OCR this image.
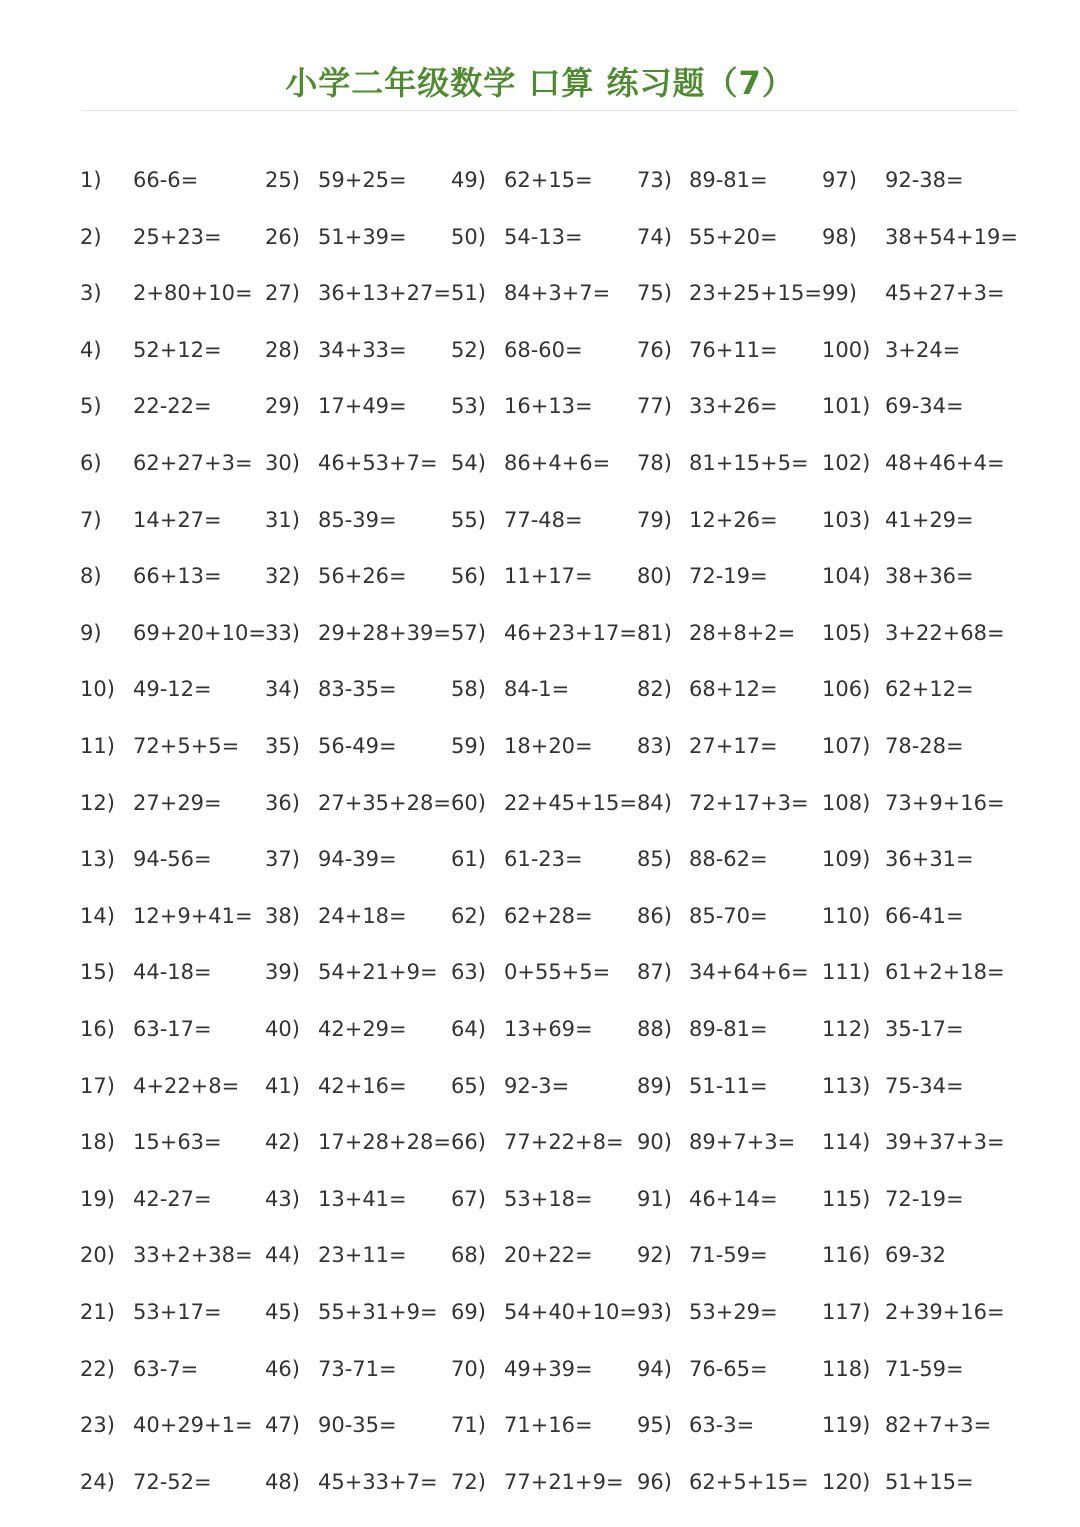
小学二年级数学 口算 练习题（7）
1) 66-6=	25) 59+25= 49) 62+15= 73) 89-81=	97) 92-38=
2) 25+23= 26) 51+39= 50) 54-13=	74) 55+20= 98) 38+54+19=
3) 2+80+10= 27) 36+13+27= 51) 84+3+7= 75) 23+25+15= 99) 45+27+3=
4) 52+12= 28) 34+33= 52) 68-60=	76) 76+11= 100) 3+24=
5) 22-22=	29) 17+49= 53) 16+13= 77) 33+26= 101) 69-34=
6) 62+27+3= 30) 46+53+7= 54) 86+4+6= 78) 81+15+5= 102) 48+46+4=
7) 14+27= 31) 85-39=	55) 77-48=	79) 12+26= 103) 41+29=
8) 66+13= 32) 56+26= 56) 11+17= 80) 72-19=	104) 38+36=
9) 69+20+10= 33) 29+28+39= 57) 46+23+17= 81) 28+8+2= 105) 3+22+68=
10) 49-12=	34) 83-35=	58) 84-1=	82) 68+12= 106) 62+12=
11) 72+5+5= 35) 56-49=	59) 18+20= 83) 27+17= 107) 78-28=
12) 27+29= 36) 27+35+28= 60) 22+45+15= 84) 72+17+3= 108) 73+9+16=
13) 94-56=	37) 94-39=	61) 61-23=	85) 88-62=	109) 36+31=
14) 12+9+41= 38) 24+18= 62) 62+28= 86) 85-70=	110) 66-41=
15) 44-18=	39) 54+21+9= 63) 0+55+5= 87) 34+64+6= 111) 61+2+18=
16) 63-17=	40) 42+29= 64) 13+69= 88) 89-81=	112) 35-17=
17) 4+22+8= 41) 42+16= 65) 92-3=	89) 51-11=	113) 75-34=
18) 15+63= 42) 17+28+28= 66) 77+22+8= 90) 89+7+3= 114) 39+37+3=
19) 42-27=	43) 13+41= 67) 53+18= 91) 46+14= 115) 72-19=
20) 33+2+38= 44) 23+11= 68) 20+22= 92) 71-59=	116) 69-32
21) 53+17= 45) 55+31+9= 69) 54+40+10= 93) 53+29= 117) 2+39+16=
22) 63-7=	46) 73-71=	70) 49+39= 94) 76-65=	118) 71-59=
23) 40+29+1= 47) 90-35=	71) 71+16= 95) 63-3=	119) 82+7+3=
24) 72-52=	48) 45+33+7= 72) 77+21+9= 96) 62+5+15= 120) 51+15=
